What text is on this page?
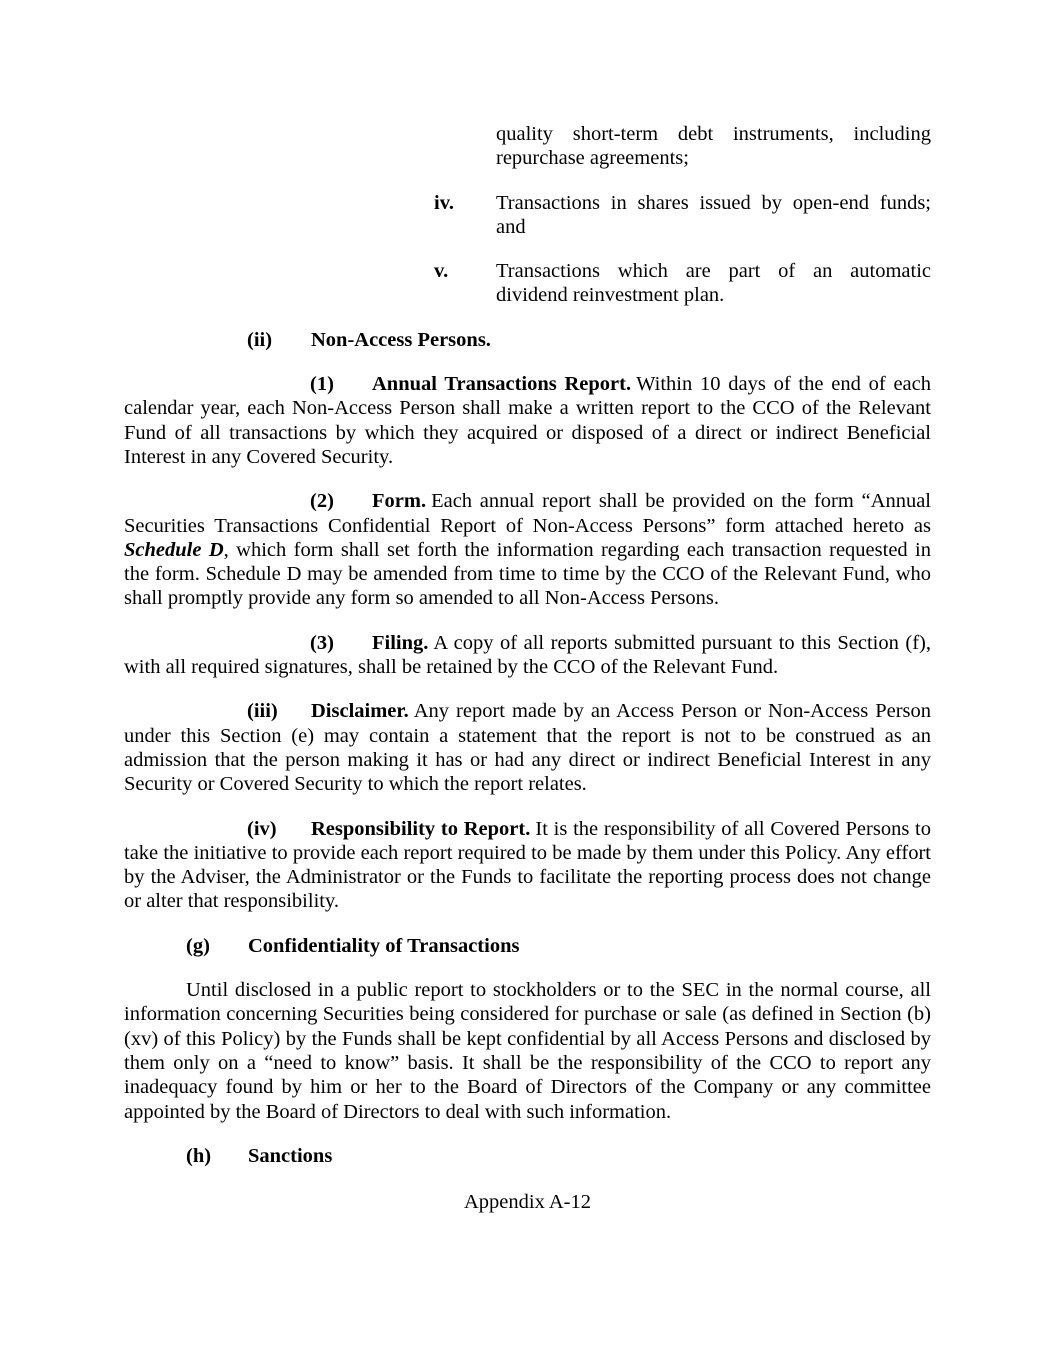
quality short-term debt instruments, including repurchase agreements;

iv. Transactions in shares issued by open-end funds; and

v. Transactions which are part of an automatic dividend reinvestment plan.

(ii) Non-Access Persons.

(1) Annual Transactions Report. Within 10 days of the end of each calendar year, each Non-Access Person shall make a written report to the CCO of the Relevant Fund of all transactions by which they acquired or disposed of a direct or indirect Beneficial Interest in any Covered Security.

(2) Form. Each annual report shall be provided on the form “Annual Securities Transactions Confidential Report of Non-Access Persons” form attached hereto as Schedule D, which form shall set forth the information regarding each transaction requested in the form. Schedule D may be amended from time to time by the CCO of the Relevant Fund, who shall promptly provide any form so amended to all Non-Access Persons.

(3) Filing. A copy of all reports submitted pursuant to this Section (f), with all required signatures, shall be retained by the CCO of the Relevant Fund.

(iii) Disclaimer. Any report made by an Access Person or Non-Access Person under this Section (e) may contain a statement that the report is not to be construed as an admission that the person making it has or had any direct or indirect Beneficial Interest in any Security or Covered Security to which the report relates.

(iv) Responsibility to Report. It is the responsibility of all Covered Persons to take the initiative to provide each report required to be made by them under this Policy. Any effort by the Adviser, the Administrator or the Funds to facilitate the reporting process does not change or alter that responsibility.

(g) Confidentiality of Transactions

Until disclosed in a public report to stockholders or to the SEC in the normal course, all information concerning Securities being considered for purchase or sale (as defined in Section (b)(xv) of this Policy) by the Funds shall be kept confidential by all Access Persons and disclosed by them only on a “need to know” basis. It shall be the responsibility of the CCO to report any inadequacy found by him or her to the Board of Directors of the Company or any committee appointed by the Board of Directors to deal with such information.

(h) Sanctions

Appendix A-12
